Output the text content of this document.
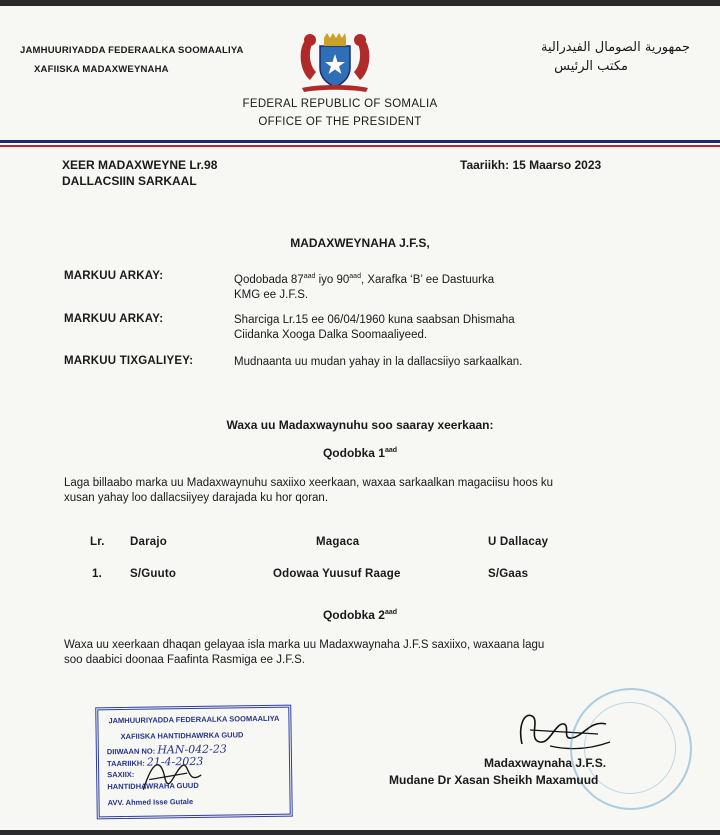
JAMHUURIYADDA FEDERAALKA SOOMAALIYA
XAFIISKA MADAXWEYNAHA
جمهورية الصومال الفيدرالية
مكتب الرئيس
FEDERAL REPUBLIC OF SOMALIA
OFFICE OF THE PRESIDENT
XEER MADAXWEYNE Lr.98
DALLACSIIN SARKAAL
Taariikh: 15 Maarso 2023
MADAXWEYNAHA J.F.S,
MARKUU ARKAY:	Qodobada $87^{aad}$ iyo $90^{aad}$, Xarafka ‘B’ ee Dastuurka
KMG ee J.F.S.
MARKUU ARKAY:	Sharciga Lr.15 ee 06/04/1960 kuna saabsan Dhismaha
Ciidanka Xooga Dalka Soomaaliyeed.
MARKUU TIXGALIYEY:	Mudnaanta uu mudan yahay in la dallacsiiyo sarkaalkan.
Waxa uu Madaxwaynuhu soo saaray xeerkaan:
Qodobka $1^{aad}$
Laga billaabo marka uu Madaxwaynuhu saxiixo xeerkaan, waxaa sarkaalkan magaciisu hoos ku
xusan yahay loo dallacsiiyey darajada ku hor qoran.
Lr. Darajo	Magaca	U Dallacay
1. S/Guuto	Odowaa Yuusuf Raage	S/Gaas
Qodobka $2^{aad}$
Waxa uu xeerkaan dhaqan gelayaa isla marka uu Madaxwaynaha J.F.S saxiixo, waxaana lagu
soo daabici doonaa Faafinta Rasmiga ee J.F.S.
JAMHUURIYADDA FEDERAALKA SOOMAALIYA
XAFIISKA HANTIDHAWRKA GUUD
DIIWAAN NO: HAN-042-23
TAARIIKH: 21-4-2023
SAXIIX:
HANTIDHAWRAHA GUUD
AVV. Ahmed Isse Gutale
Madaxwaynaha J.F.S.
Mudane Dr Xasan Sheikh Maxamuud
